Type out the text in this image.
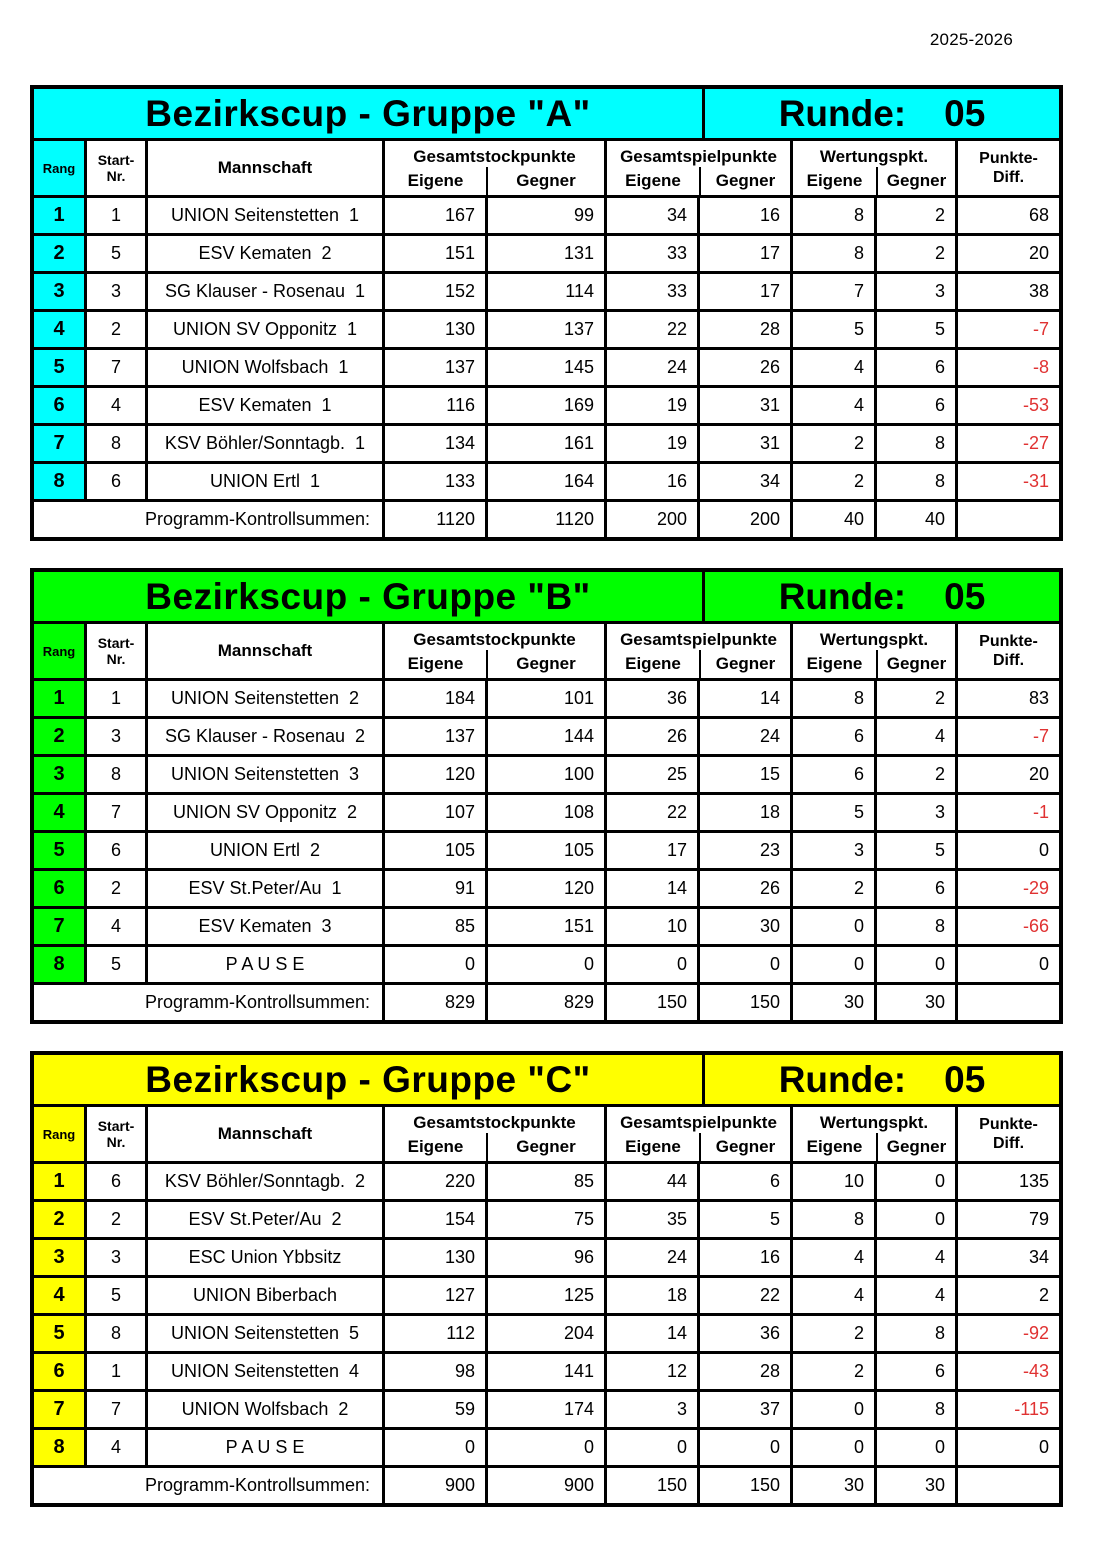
2025-2026
Bezirkscup - Gruppe "A"	Runde: 05
Rang
Start-
Nr.	Mannschaft
Gesamtstockpunkte
Eigene	Gegner
Gesamtspielpunkte
Eigene	Gegner
Wertungspkt.
Eigene	Gegner
Punkte-
Diff.
1	1	UNION Seitenstetten  1	167	99	34	16	8	2	68
2	5	ESV Kematen  2	151	131	33	17	8	2	20
3	3	SG Klauser - Rosenau  1	152	114	33	17	7	3	38
4	2	UNION SV Opponitz  1	130	137	22	28	5	5	-7
5	7	UNION Wolfsbach  1	137	145	24	26	4	6	-8
6	4	ESV Kematen  1	116	169	19	31	4	6	-53
7	8	KSV Böhler/Sonntagb.  1	134	161	19	31	2	8	-27
8	6	UNION Ertl  1	133	164	16	34	2	8	-31
Programm-Kontrollsummen:	1120	1120	200	200	40	40
Bezirkscup - Gruppe "B"	Runde: 05
Rang
Start-
Nr.	Mannschaft
Gesamtstockpunkte
Eigene	Gegner
Gesamtspielpunkte
Eigene	Gegner
Wertungspkt.
Eigene	Gegner
Punkte-
Diff.
1	1	UNION Seitenstetten  2	184	101	36	14	8	2	83
2	3	SG Klauser - Rosenau  2	137	144	26	24	6	4	-7
3	8	UNION Seitenstetten  3	120	100	25	15	6	2	20
4	7	UNION SV Opponitz  2	107	108	22	18	5	3	-1
5	6	UNION Ertl  2	105	105	17	23	3	5	0
6	2	ESV St.Peter/Au  1	91	120	14	26	2	6	-29
7	4	ESV Kematen  3	85	151	10	30	0	8	-66
8	5	P A U S E	0	0	0	0	0	0	0
Programm-Kontrollsummen:	829	829	150	150	30	30
Bezirkscup - Gruppe "C"	Runde: 05
Rang
Start-
Nr.	Mannschaft
Gesamtstockpunkte
Eigene	Gegner
Gesamtspielpunkte
Eigene	Gegner
Wertungspkt.
Eigene	Gegner
Punkte-
Diff.
1	6	KSV Böhler/Sonntagb.  2	220	85	44	6	10	0	135
2	2	ESV St.Peter/Au  2	154	75	35	5	8	0	79
3	3	ESC Union Ybbsitz	130	96	24	16	4	4	34
4	5	UNION Biberbach	127	125	18	22	4	4	2
5	8	UNION Seitenstetten  5	112	204	14	36	2	8	-92
6	1	UNION Seitenstetten  4	98	141	12	28	2	6	-43
7	7	UNION Wolfsbach  2	59	174	3	37	0	8	-115
8	4	P A U S E	0	0	0	0	0	0	0
Programm-Kontrollsummen:	900	900	150	150	30	30
